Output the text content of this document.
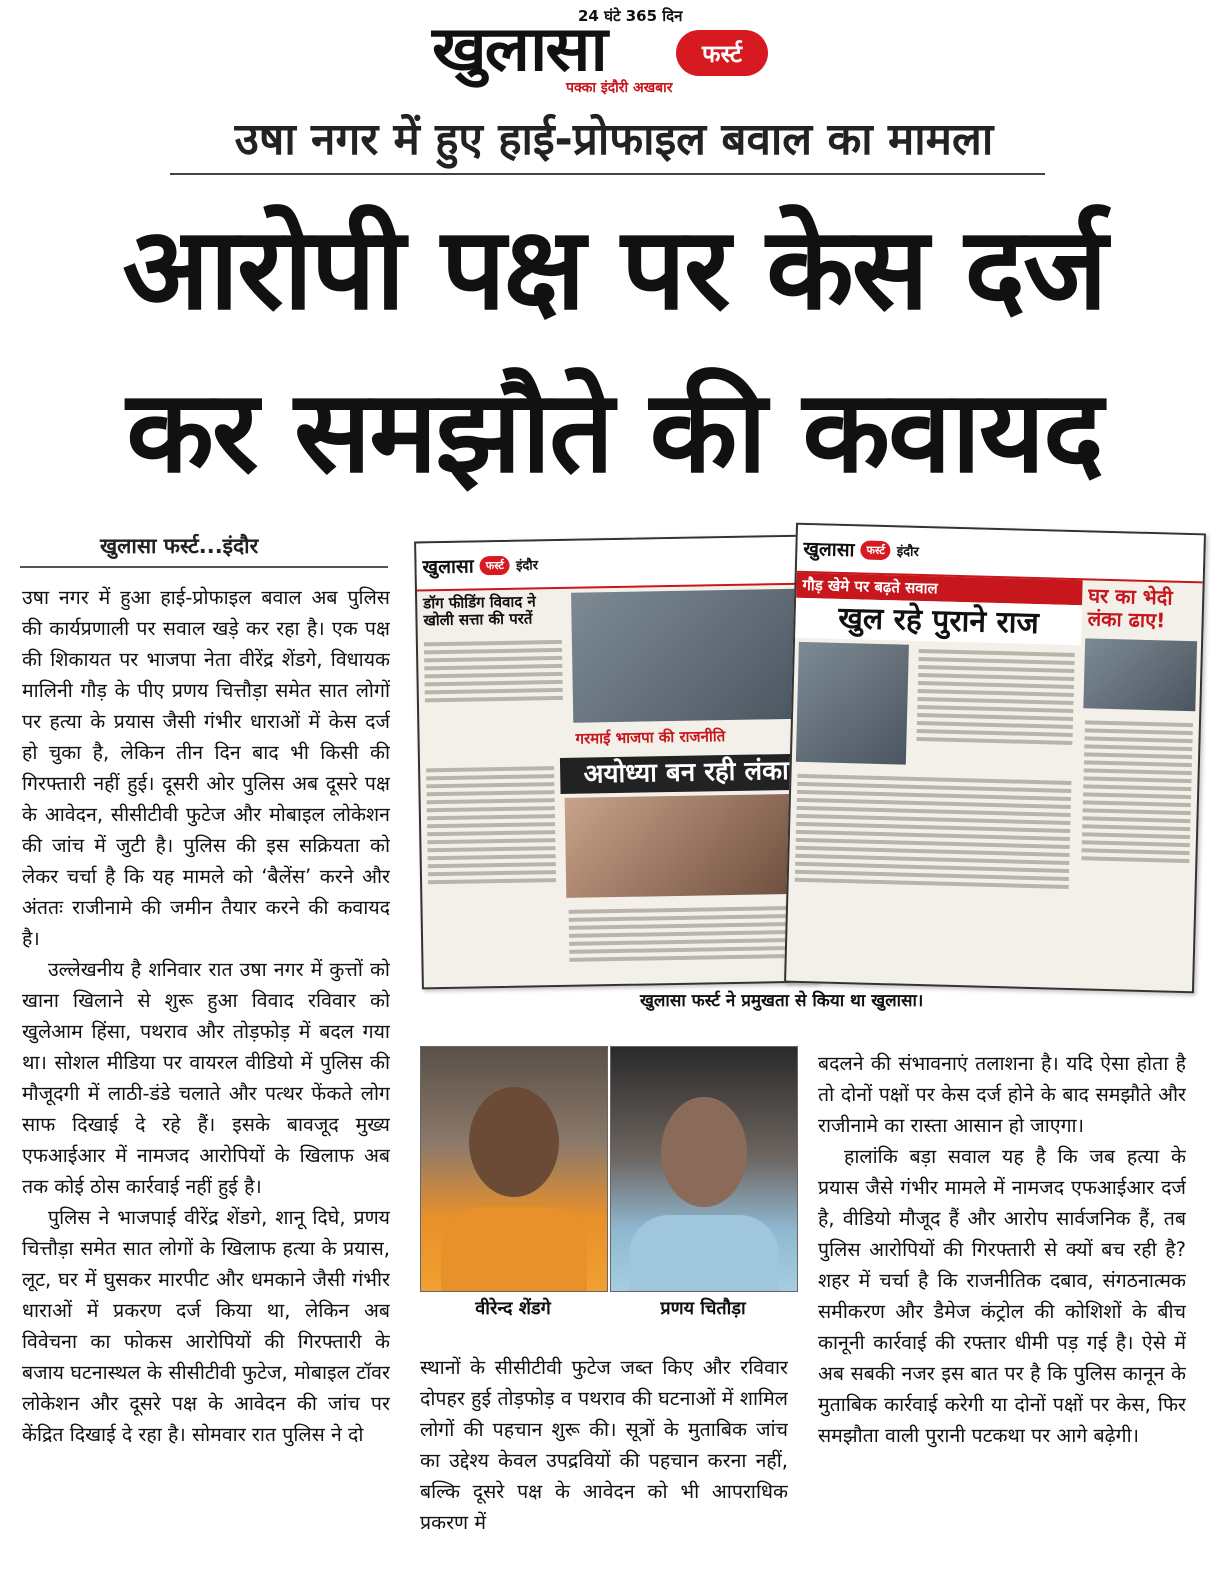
24 घंटे 365 दिन
खुलासा	फर्स्ट
पक्का इंदौरी अखबार
उषा नगर में हुए हाई-प्रोफाइल बवाल का मामला
आरोपी पक्ष पर केस दर्ज
कर समझौते की कवायद
खुलासा फर्स्ट...इंदौर

उषा नगर में हुआ हाई-प्रोफाइल बवाल अब पुलिस की कार्यप्रणाली पर सवाल खड़े कर रहा है। एक पक्ष की शिकायत पर भाजपा नेता वीरेंद्र शेंडगे, विधायक मालिनी गौड़ के पीए प्रणय चित्तौड़ा समेत सात लोगों पर हत्या के प्रयास जैसी गंभीर धाराओं में केस दर्ज हो चुका है, लेकिन तीन दिन बाद भी किसी की गिरफ्तारी नहीं हुई। दूसरी ओर पुलिस अब दूसरे पक्ष के आवेदन, सीसीटीवी फुटेज और मोबाइल लोकेशन की जांच में जुटी है। पुलिस की इस सक्रियता को लेकर चर्चा है कि यह मामले को ‘बैलेंस’ करने और अंततः राजीनामे की जमीन तैयार करने की कवायद है।

उल्लेखनीय है शनिवार रात उषा नगर में कुत्तों को खाना खिलाने से शुरू हुआ विवाद रविवार को खुलेआम हिंसा, पथराव और तोड़फोड़ में बदल गया था। सोशल मीडिया पर वायरल वीडियो में पुलिस की मौजूदगी में लाठी-डंडे चलाते और पत्थर फेंकते लोग साफ दिखाई दे रहे हैं। इसके बावजूद मुख्य एफआईआर में नामजद आरोपियों के खिलाफ अब तक कोई ठोस कार्रवाई नहीं हुई है।

पुलिस ने भाजपाई वीरेंद्र शेंडगे, शानू दिघे, प्रणय चित्तौड़ा समेत सात लोगों के खिलाफ हत्या के प्रयास, लूट, घर में घुसकर मारपीट और धमकाने जैसी गंभीर धाराओं में प्रकरण दर्ज किया था, लेकिन अब विवेचना का फोकस आरोपियों की गिरफ्तारी के बजाय घटनास्थल के सीसीटीवी फुटेज, मोबाइल टॉवर लोकेशन और दूसरे पक्ष के आवेदन की जांच पर केंद्रित दिखाई दे रहा है। सोमवार रात पुलिस ने दो

खुलासा	फर्स्ट इंदौर
डॉग फीडिंग विवाद ने खोली सत्ता की परतें
गरमाई भाजपा की राजनीति
अयोध्या बन रही लंका
खुलासा	फर्स्ट इंदौर
गौड़ खेमे पर बढ़ते सवाल
खुल रहे पुराने राज
घर का भेदी लंका ढाए!
खुलासा फर्स्ट ने प्रमुखता से किया था खुलासा।
वीरेन्द शेंडगे	प्रणय चितौड़ा

स्थानों के सीसीटीवी फुटेज जब्त किए और रविवार दोपहर हुई तोड़फोड़ व पथराव की घटनाओं में शामिल लोगों की पहचान शुरू की। सूत्रों के मुताबिक जांच का उद्देश्य केवल उपद्रवियों की पहचान करना नहीं, बल्कि दूसरे पक्ष के आवेदन को भी आपराधिक प्रकरण में

बदलने की संभावनाएं तलाशना है। यदि ऐसा होता है तो दोनों पक्षों पर केस दर्ज होने के बाद समझौते और राजीनामे का रास्ता आसान हो जाएगा।

हालांकि बड़ा सवाल यह है कि जब हत्या के प्रयास जैसे गंभीर मामले में नामजद एफआईआर दर्ज है, वीडियो मौजूद हैं और आरोप सार्वजनिक हैं, तब पुलिस आरोपियों की गिरफ्तारी से क्यों बच रही है? शहर में चर्चा है कि राजनीतिक दबाव, संगठनात्मक समीकरण और डैमेज कंट्रोल की कोशिशों के बीच कानूनी कार्रवाई की रफ्तार धीमी पड़ गई है। ऐसे में अब सबकी नजर इस बात पर है कि पुलिस कानून के मुताबिक कार्रवाई करेगी या दोनों पक्षों पर केस, फिर समझौता वाली पुरानी पटकथा पर आगे बढ़ेगी।
